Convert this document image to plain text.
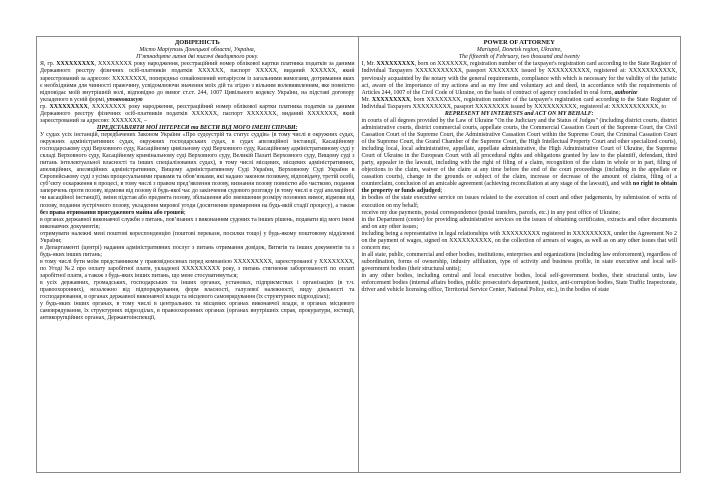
ДОВІРЕНІСТЬ
Місто Маріуполь Донецької області, Україна,
П’ятнадцяте липня дві тисячі двадцятого року.

Я, гр. XXXXXXXXX, XXXXXXXX року народження, реєстраційний номер облікової картки платника податків за даними Державного реєстру фізичних осіб-платників податків XXXXXX, паспорт XXXXX, виданий XXXXXX, який зареєстрований за адресою: XXXXXXXX, попередньо ознайомлений нотаріусом із загальними вимогами, дотримання яких є необхідними для чинності правочину, усвідомлюючи значення моїх дій та згідно з вільним волевиявленням, яке повністю відповідає моїй внутрішній волі, відповідно до вимог ст.ст. 244, 1007 Цивільного кодексу України, на підставі договору укладеного в усній формі, уповноважую
гр. XXXXXXXXX, XXXXXXXX року народження, реєстраційний номер облікової картки платника податків за даними Державного реєстру фізичних осіб-платників податків XXXXXX, паспорт XXXXXXX, виданий XXXXXXX, який зареєстрований за адресою: XXXXXXX, –

ПРЕДСТАВЛЯТИ МОЇ ІНТЕРЕСИ та ВЕСТИ ВІД МОГО ІМЕНІ СПРАВИ:

У судах усіх інстанцій, передбачених Законом України «Про судоустрій та статус суддів» (в тому числі в окружних судах, окружних адміністративних судах, окружних господарських судах, в судах апеляційної інстанції, Касаційному господарському суді Верховного суду, Касаційному цивільному суді Верховного суду, Касаційному адміністративному суді у складі Верховного суду, Касаційному кримінальному суді Верховного суду, Великій Палаті Верховного суду, Вищому суді з питань інтелектуальної власності та інших спеціалізованих судах), в тому числі місцевих, місцевих адміністративних, апеляційних, апеляційних адміністративних, Вищому адміністративному Суді України, Верховному Суді України в Європейському суді з усіма процесуальними правами та обов’язками, які надано законом позивачу, відповідачу, третій особі, суб’єкту оскарження в процесі, в тому числі з правом пред’явлення позову, визнання позову повністю або частково, подання заперечень проти позову, відмови від позову й будь-якої час до закінчення судового розгляду (в тому числі в суді апеляційної чи касаційної інстанції), зміни підстав або предмета позову, збільшення або зменшення розміру позовних вимог, відмови від позову, подання зустрічного позову, укладення мирової угоди (досягнення примирення на будь-якій стадії процесу), а також без права отримання присудженого майна або грошей;

в органах державної виконавчої служби з питань, пов’язаних з виконанням судових та інших рішень, подавати від мого імені виконавчих документів;

отримувати належні мені поштові кореспонденцію (поштові перекази, посилки тощо) у будь-якому поштовому відділенні України;

в Департаменті (центрі) надання адміністративних послуг з питань отримання довідок, Витягів та інших документів та з будь-яких інших питань;

в тому числі бути моїм представником у правовідносинах перед компанією XXXXXXXXX, зареєстрованої у XXXXXXXX, по Угоді №2 про оплату заробітної плати, укладеної XXXXXXXXX року, з питань стягнення заборгованості по оплаті заробітної плати, а також з будь-яких інших питань, що мене стосуватимуться;

в усіх державних, громадських, господарських та інших органах, установах, підприємствах і організаціях (в т.ч. правоохоронних), незалежно від підпорядкування, форм власності, галузевої належності, виду діяльності та господарювання, в органах державної виконавчої влади та місцевого самоврядування (їх структурних підрозділах);

у будь-яких інших органах, в тому числі в центральних та місцевих органах виконавчої влади, в органах місцевого самоврядування, їх структурних підрозділах, в правоохоронних органах (органах внутрішніх справ, прокуратури, юстиції, антикорупційних органах, Державтоінспекції,

POWER OF ATTORNEY
Mariupol, Donetsk region, Ukraine,
The fifteenth of February, two thousand and twenty

I, Mr. XXXXXXXXX, born on XXXXXXX, registration number of the taxpayer's registration card according to the State Register of Individual Taxpayers XXXXXXXXXXX, passport XXXXXXX issued by XXXXXXXXXX, registered at: XXXXXXXXXXX, previously acquainted by the notary with the general requirements, compliance with which is necessary for the validity of the juristic act, aware of the importance of my actions and as my free and voluntary act and deed, in accordance with the requirements of Articles 244, 1007 of the Civil Code of Ukraine, on the basis of contract of agency concluded in oral form, authorize
Mr. XXXXXXXXX, born XXXXXXXX, registration number of the taxpayer's registration card according to the State Register of Individual Taxpayers XXXXXXXXX, passport XXXXXXXX issued by XXXXXXXXXX, registered at: XXXXXXXXXXX, to

REPRESENT MY INTERESTS and ACT ON MY BEHALF:

in courts of all degrees provided by the Law of Ukraine "On the Judiciary and the Status of Judges" (including district courts, district administrative courts, district commercial courts, appellate courts, the Commercial Cassation Court of the Supreme Court, the Civil Cassation Court of the Supreme Court, the Administrative Cassation Court within the Supreme Court, the Criminal Cassation Court of the Supreme Court, the Grand Chamber of the Supreme Court, the High Intellectual Property Court and other specialized courts), including local, local administrative, appellate, appellate administrative, the High Administrative Court of Ukraine, the Supreme Court of Ukraine in the European Court with all procedural rights and obligations granted by law to the plaintiff, defendant, third party, appealer in the lawsuit, including with the right of filing of a claim, recognition of the claim in whole or in part, filing of objections to the claim, waiver of the claim at any time before the end of the court proceedings (including in the appellate or cassation courts), change in the grounds or subject of the claim, increase or decrease of the amount of claims, filing of a counterclaim, conclusion of an amicable agreement (achieving reconciliation at any stage of the lawsuit), and with no right to obtain the property or funds adjudged;

in bodies of the state executive service on issues related to the execution of court and other judgements, by submission of writs of execution on my behalf;

receive my due payments, postal correspondence (postal transfers, parcels, etc.) in any post office of Ukraine;

in the Department (center) for providing administrative services on the issues of obtaining certificates, extracts and other documents and on any other issues;

including being a representative in legal relationships with XXXXXXXXX registered in XXXXXXXXX, under the Agreement No 2 on the payment of wages, signed on XXXXXXXXXX, on the collection of arrears of wages, as well as on any other issues that will concern me;

in all state, public, commercial and other bodies, institutions, enterprises and organizations (including law enforcement), regardless of subordination, forms of ownership, industry affiliation, type of activity and business profile, in state executive and local self-government bodies (their structural units);

in any other bodies, including central and local executive bodies, local self-government bodies, their structural units, law enforcement bodies (internal affairs bodies, public prosecutor's department, justice, anti-corruption bodies, State Traffic Inspectorate, driver and vehicle licensing office, Territorial Service Center, National Police, etc.), in the bodies of state
